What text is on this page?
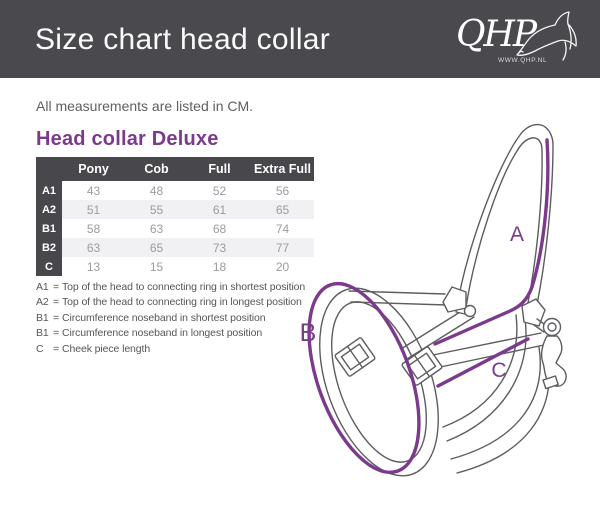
Size chart head collar	QHP
WWW.QHP.NL
All measurements are listed in CM.
Head collar Deluxe
	Pony	Cob	Full	Extra Full
A1	43	48	52	56
A2	51	55	61	65
B1	58	63	68	74
B2	63	65	73	77
C	13	15	18	20
A1 = Top of the head to connecting ring in shortest position
A2 = Top of the head to connecting ring in longest position
B1 = Circumference noseband in shortest position
B1 = Circumference noseband in longest position
C = Cheek piece length
A
B
C
